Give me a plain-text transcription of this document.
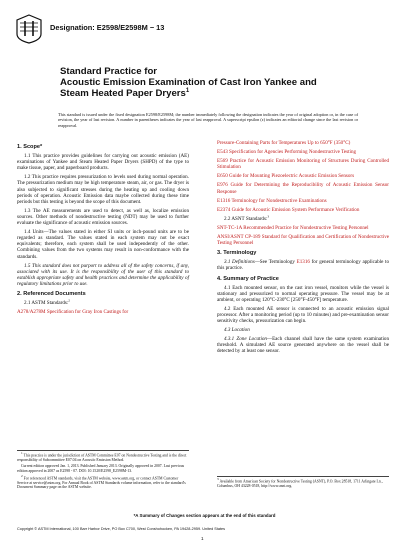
Designation: E2598/E2598M − 13
Standard Practice for
Acoustic Emission Examination of Cast Iron Yankee and
Steam Heated Paper Dryers$^1$
This standard is issued under the fixed designation E2598/E2598M; the number immediately following the designation indicates the year of original adoption or, in the case of revision, the year of last revision. A number in parentheses indicates the year of last reapproval. A superscript epsilon (ε) indicates an editorial change since the last revision or reapproval.
1. Scope*

1.1 This practice provides guidelines for carrying out acoustic emission (AE) examinations of Yankee and Steam Heated Paper Dryers (SHPD) of the type to make tissue, paper, and paperboard products.

1.2 This practice requires pressurization to levels used during normal operation. The pressurization medium may be high temperature steam, air, or gas. The dryer is also subjected to significant stresses during the heating up and cooling down periods of operation. Acoustic Emission data maybe collected during these time periods but this testing is beyond the scope of this document.

1.3 The AE measurements are used to detect, as well as, localize emission sources. Other methods of nondestructive testing (NDT) may be used to further evaluate the significance of acoustic emission sources.

1.4 Units—The values stated in either SI units or inch-pound units are to be regarded as standard. The values stated in each system may not be exact equivalents; therefore, each system shall be used independently of the other. Combining values from the two systems may result in non-conformance with the standards.

1.5 This standard does not purport to address all of the safety concerns, if any, associated with its use. It is the responsibility of the user of this standard to establish appropriate safety and health practices and determine the applicability of regulatory limitations prior to use.

2. Referenced Documents

2.1 ASTM Standards:$^2$

A278/A278M Specification for Gray Iron Castings for

$^1$ This practice is under the jurisdiction of ASTM Committee E07 on Nondestructive Testing and is the direct responsibility of Subcommittee E07.04 on Acoustic Emission Method.

Current edition approved Jan. 1, 2013. Published January 2013. Originally approved in 2007. Last previous edition approved in 2007 as E2598 - 07. DOI: 10.1520/E2598_E2598M-13.

$^2$ For referenced ASTM standards, visit the ASTM website, www.astm.org, or contact ASTM Customer Service at service@astm.org. For Annual Book of ASTM Standards volume information, refer to the standard's Document Summary page on the ASTM website.

Pressure-Containing Parts for Temperatures Up to 650°F (350°C)

E543 Specification for Agencies Performing Nondestructive Testing

E569 Practice for Acoustic Emission Monitoring of Structures During Controlled Stimulation

E650 Guide for Mounting Piezoelectric Acoustic Emission Sensors

E976 Guide for Determining the Reproducibility of Acoustic Emission Sensor Response

E1316 Terminology for Nondestructive Examinations

E2374 Guide for Acoustic Emission System Performance Verification

2.2 ASNT Standards:$^3$

SNT-TC-1A Recommended Practice for Nondestructive Testing Personnel

ANSI/ASNT CP-189 Standard for Qualification and Certification of Nondestructive Testing Personnel

3. Terminology

3.1 Definitions—See Terminology E1316 for general terminology applicable to this practice.

4. Summary of Practice

4.1 Each mounted sensor, on the cast iron vessel, monitors while the vessel is stationary and pressurized to normal operating pressure. The vessel may be at ambient, or operating 120°C-230°C [250°F-450°F] temperature.

4.2 Each mounted AE sensor is connected to an acoustic emission signal processor. After a monitoring period (up to 10 minutes) and pre-examination sensor sensitivity checks, pressurization can begin.

4.3 Location

4.3.1 Zone Location—Each channel shall have the same system examination threshold. A simulated AE source generated anywhere on the vessel shall be detected by at least one sensor.

$^3$ Available from American Society for Nondestructive Testing (ASNT), P.O. Box 28518, 1711 Arlingate Ln., Columbus, OH 43228-0518, http://www.asnt.org.
*A Summary of Changes section appears at the end of this standard
Copyright © ASTM International, 100 Barr Harbor Drive, PO Box C700, West Conshohocken, PA 19428-2959. United States
1
